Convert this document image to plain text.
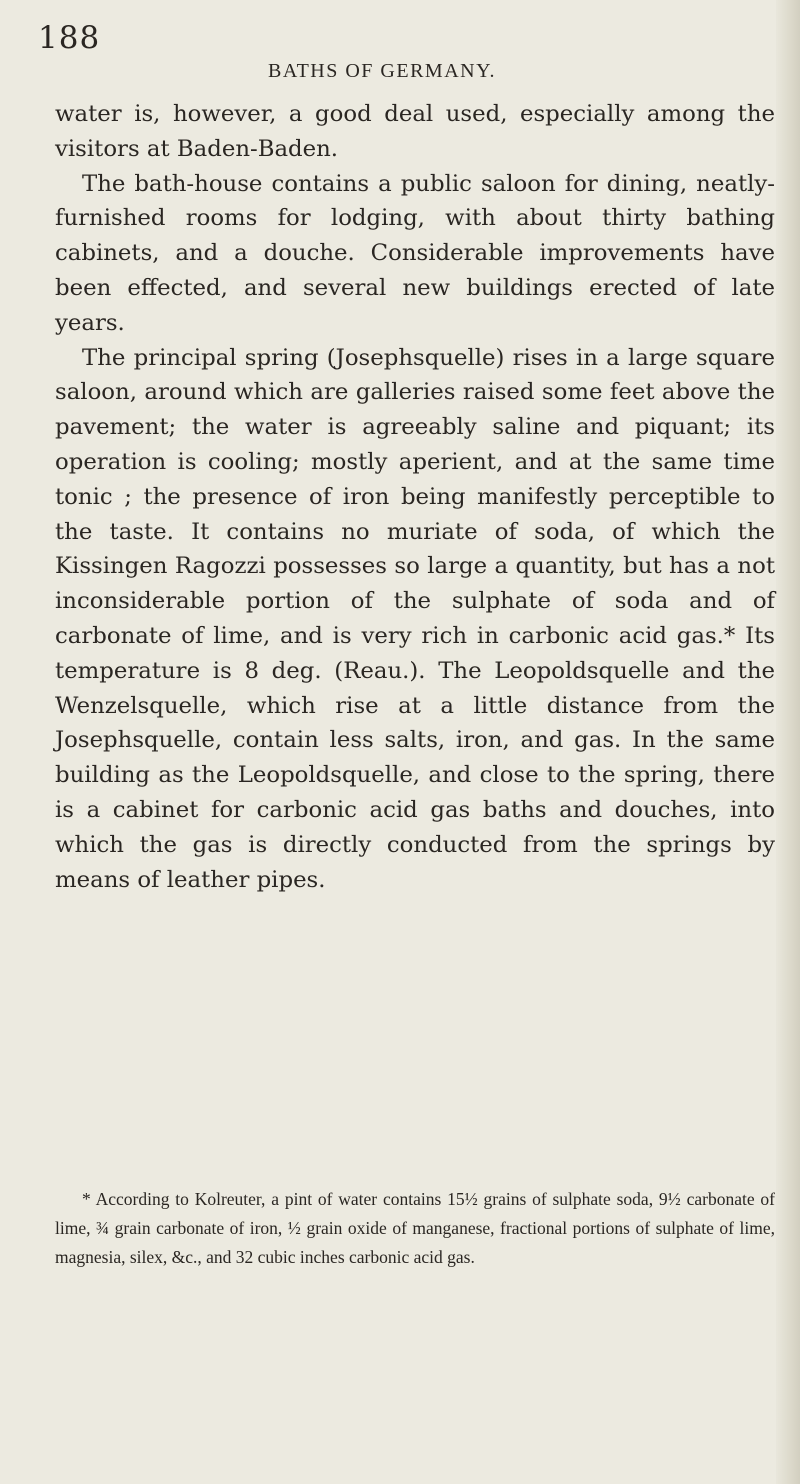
188
BATHS OF GERMANY.

water is, however, a good deal used, especially among the visitors at Baden-Baden.

The bath-house contains a public saloon for dining, neatly-furnished rooms for lodging, with about thirty bathing cabinets, and a douche. Considerable improvements have been effected, and several new buildings erected of late years.

The principal spring (Josephsquelle) rises in a large square saloon, around which are galleries raised some feet above the pavement; the water is agreeably saline and piquant; its operation is cooling; mostly aperient, and at the same time tonic ; the presence of iron being manifestly perceptible to the taste. It contains no muriate of soda, of which the Kissingen Ragozzi possesses so large a quantity, but has a not inconsiderable portion of the sulphate of soda and of carbonate of lime, and is very rich in carbonic acid gas.* Its temperature is 8 deg. (Reau.). The Leopoldsquelle and the Wenzelsquelle, which rise at a little distance from the Josephsquelle, contain less salts, iron, and gas. In the same building as the Leopoldsquelle, and close to the spring, there is a cabinet for carbonic acid gas baths and douches, into which the gas is directly conducted from the springs by means of leather pipes.

* According to Kolreuter, a pint of water contains 15½ grains of sulphate soda, 9½ carbonate of lime, ¾ grain carbonate of iron, ½ grain oxide of manganese, fractional portions of sulphate of lime, magnesia, silex, &c., and 32 cubic inches carbonic acid gas.
